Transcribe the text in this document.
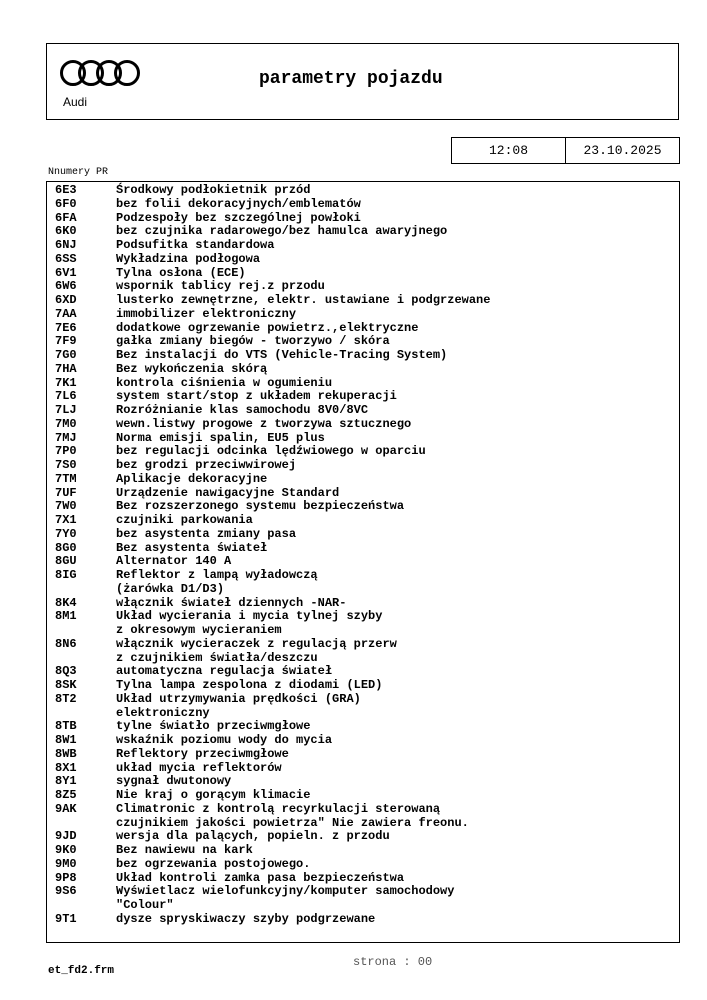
Audi
parametry pojazdu
12:08	23.10.2025
Nnumery PR
6E3	Środkowy podłokietnik przód
6F0	bez folii dekoracyjnych/emblematów
6FA	Podzespoły bez szczególnej powłoki
6K0	bez czujnika radarowego/bez hamulca awaryjnego
6NJ	Podsufitka standardowa
6SS	Wykładzina podłogowa
6V1	Tylna osłona (ECE)
6W6	wspornik tablicy rej.z przodu
6XD	lusterko zewnętrzne, elektr. ustawiane i podgrzewane
7AA	immobilizer elektroniczny
7E6	dodatkowe ogrzewanie powietrz.,elektryczne
7F9	gałka zmiany biegów - tworzywo / skóra
7G0	Bez instalacji do VTS (Vehicle-Tracing System)
7HA	Bez wykończenia skórą
7K1	kontrola ciśnienia w ogumieniu
7L6	system start/stop z układem rekuperacji
7LJ	Rozróżnianie klas samochodu 8V0/8VC
7M0	wewn.listwy progowe z tworzywa sztucznego
7MJ	Norma emisji spalin, EU5 plus
7P0	bez regulacji odcinka lędźwiowego w oparciu
7S0	bez grodzi przeciwwirowej
7TM	Aplikacje dekoracyjne
7UF	Urządzenie nawigacyjne Standard
7W0	Bez rozszerzonego systemu bezpieczeństwa
7X1	czujniki parkowania
7Y0	bez asystenta zmiany pasa
8G0	Bez asystenta świateł
8GU	Alternator 140 A
8IG	Reflektor z lampą wyładowczą
(żarówka D1/D3)
8K4	włącznik świateł dziennych -NAR-
8M1	Układ wycierania i mycia tylnej szyby
z okresowym wycieraniem
8N6	włącznik wycieraczek z regulacją przerw
z czujnikiem światła/deszczu
8Q3	automatyczna regulacja świateł
8SK	Tylna lampa zespolona z diodami (LED)
8T2	Układ utrzymywania prędkości (GRA)
elektroniczny
8TB	tylne światło przeciwmgłowe
8W1	wskaźnik poziomu wody do mycia
8WB	Reflektory przeciwmgłowe
8X1	układ mycia reflektorów
8Y1	sygnał dwutonowy
8Z5	Nie kraj o gorącym klimacie
9AK	Climatronic z kontrolą recyrkulacji sterowaną
czujnikiem jakości powietrza" Nie zawiera freonu.
9JD	wersja dla palących, popieln. z przodu
9K0	Bez nawiewu na kark
9M0	bez ogrzewania postojowego.
9P8	Układ kontroli zamka pasa bezpieczeństwa
9S6	Wyświetlacz wielofunkcyjny/komputer samochodowy
"Colour"
9T1	dysze spryskiwaczy szyby podgrzewane
strona : 00
et_fd2.frm
